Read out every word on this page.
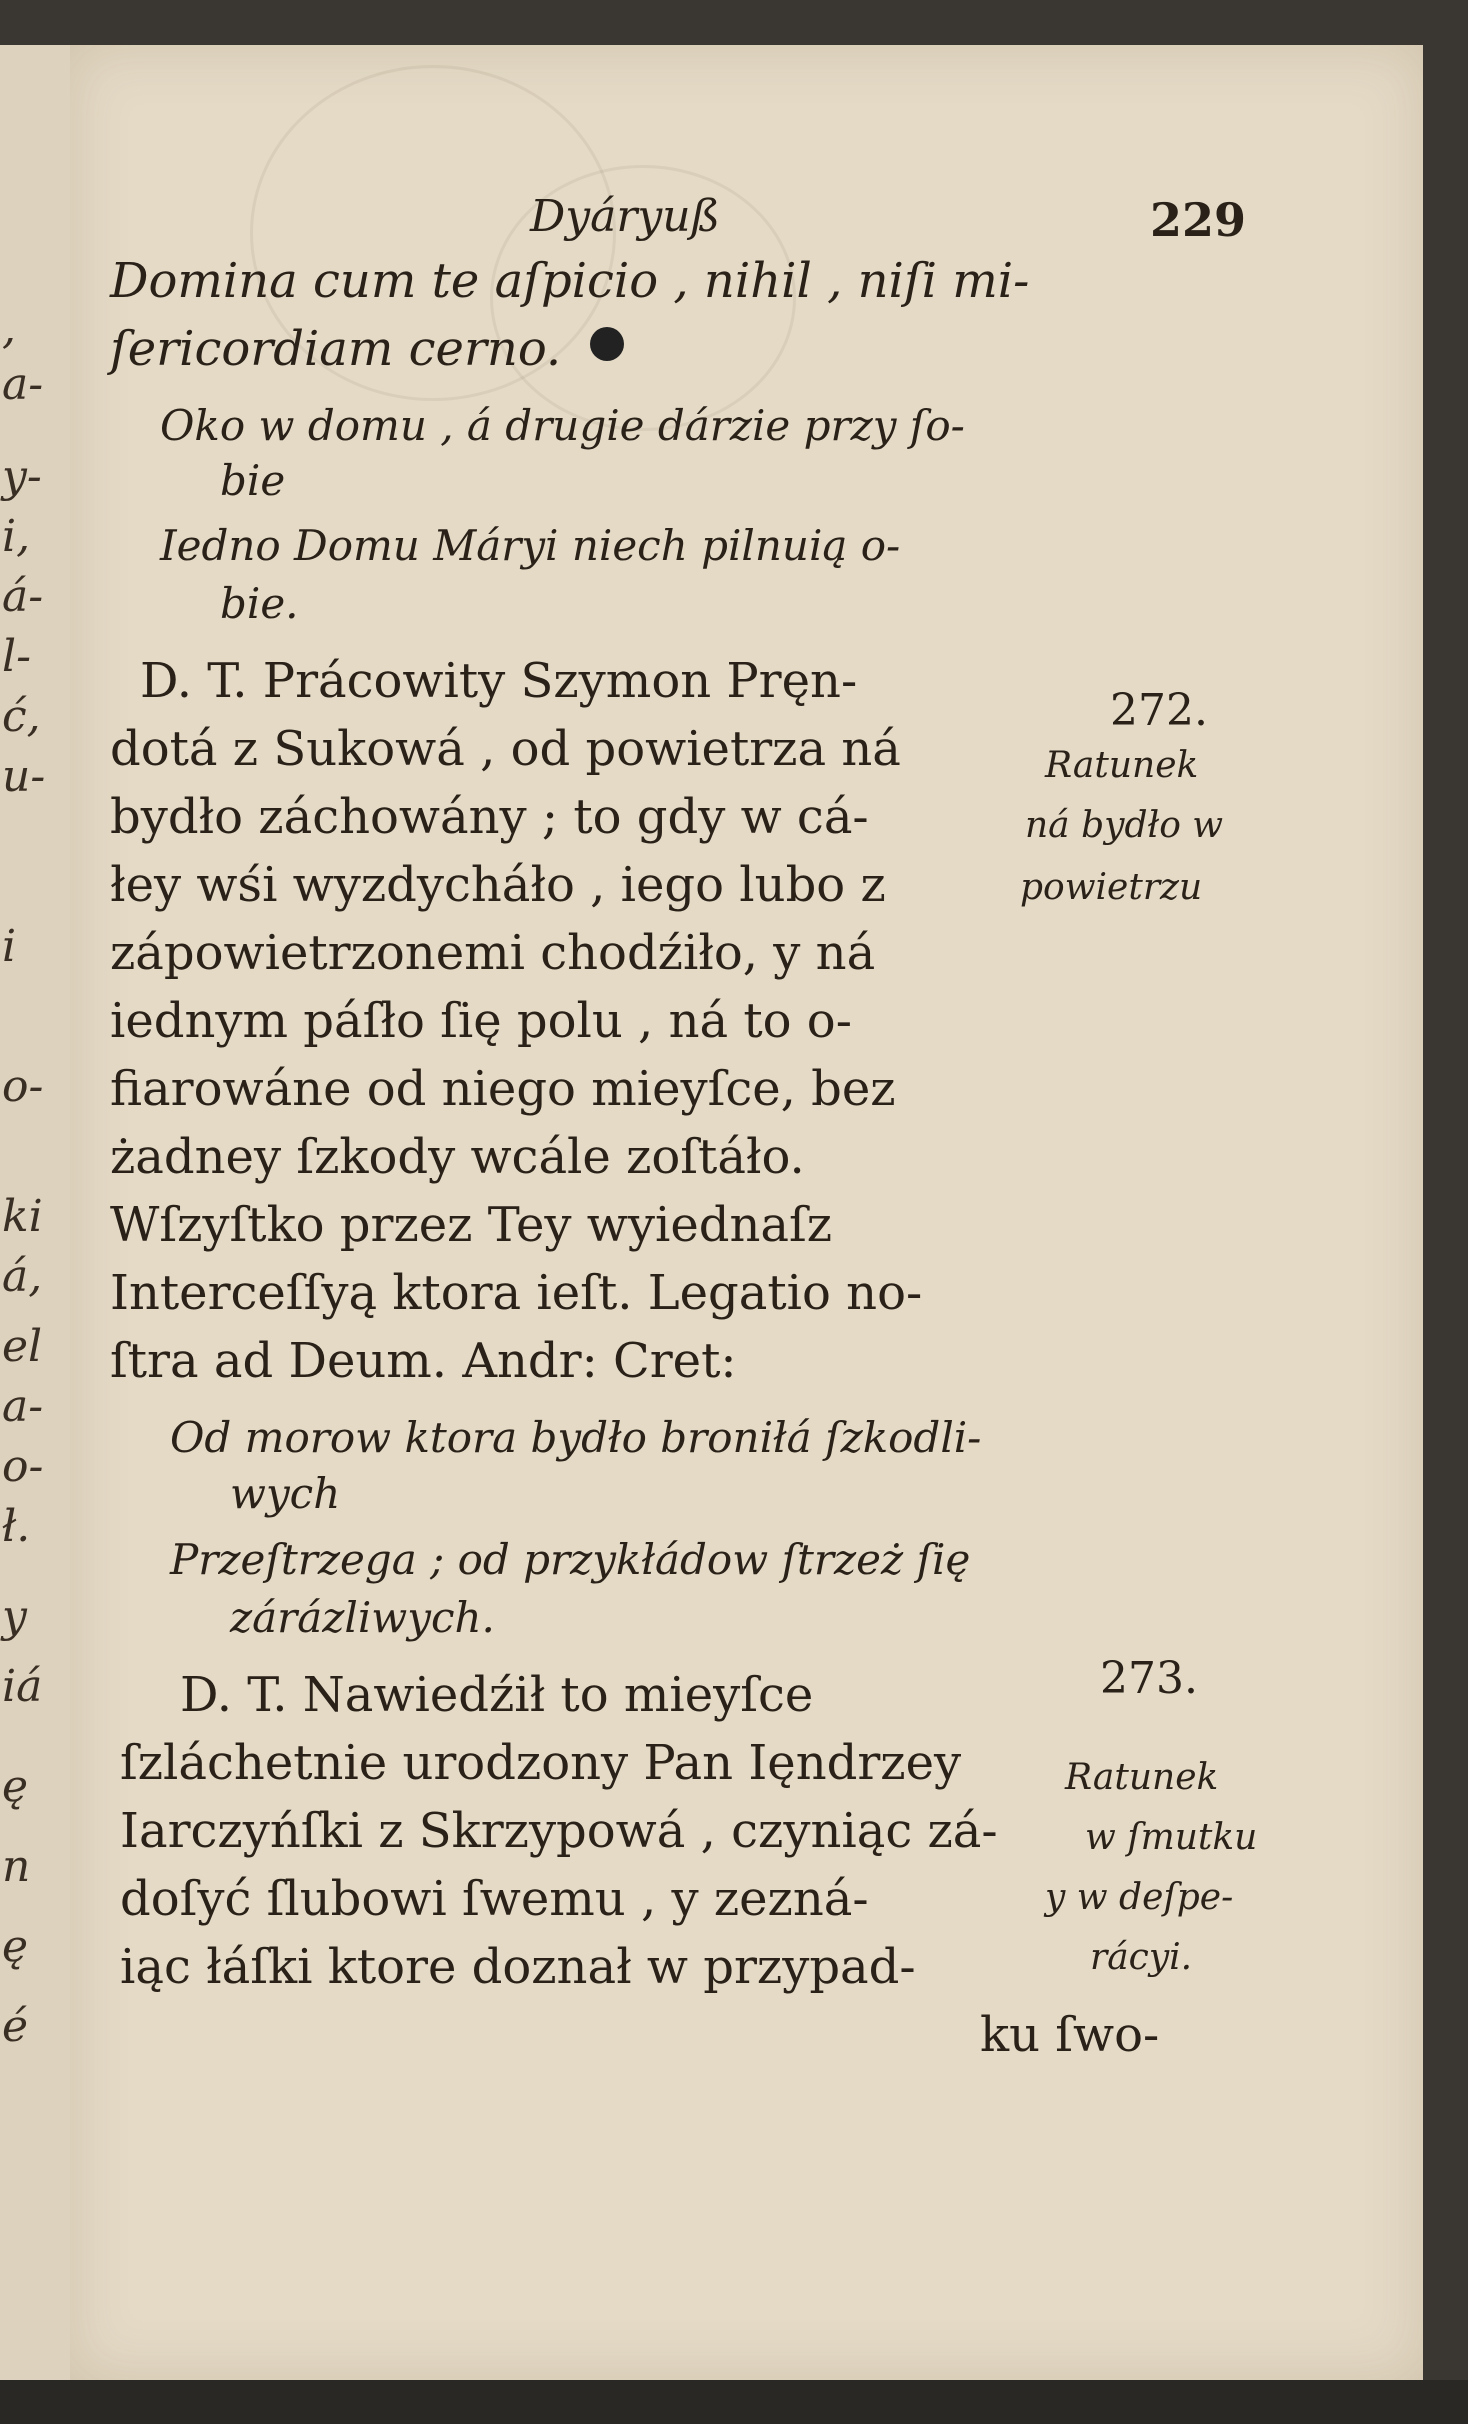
,
a-
y-
i,
á-
l-
ć,
u-
i
o-
ki
á,
el
a-
o-
ł.
y
iá
ę
n
ę
é
Dyáryuß	229
Domina cum te aſpicio , nihil , niſi mi-
ſericordiam cerno.
Oko w domu , á drugie dárzie przy ſo-
bie
Iedno Domu Máryi niech pilnuią o-
bie.
D. T. Prácowity Szymon Pręn-
dotá z Sukowá , od powietrza ná
bydło záchowány ; to gdy w cá-
łey wśi wyzdycháło , iego lubo z
zápowietrzonemi chodźiło, y ná
iednym páſło ſię polu , ná to o-
fiarowáne od niego mieyſce, bez
żadney ſzkody wcále zoſtáło.
Wſzyſtko przez Tey wyiednaſz
Interceſſyą ktora ieſt. Legatio no-
ſtra ad Deum. Andr: Cret:
Od morow ktora bydło broniłá ſzkodli-
wych
Przeſtrzega ; od przykłádow ſtrzeż ſię
zárázliwych.
D. T. Nawiedźił to mieyſce
ſzláchetnie urodzony Pan Ięndrzey
Iarczyńſki z Skrzypowá , czyniąc zá-
doſyć ſlubowi ſwemu , y zezná-
iąc łáſki ktore doznał w przypad-
ku ſwo-
272.
Ratunek
ná bydło w
powietrzu
273.
Ratunek
w ſmutku
y w deſpe-
rácyi.
